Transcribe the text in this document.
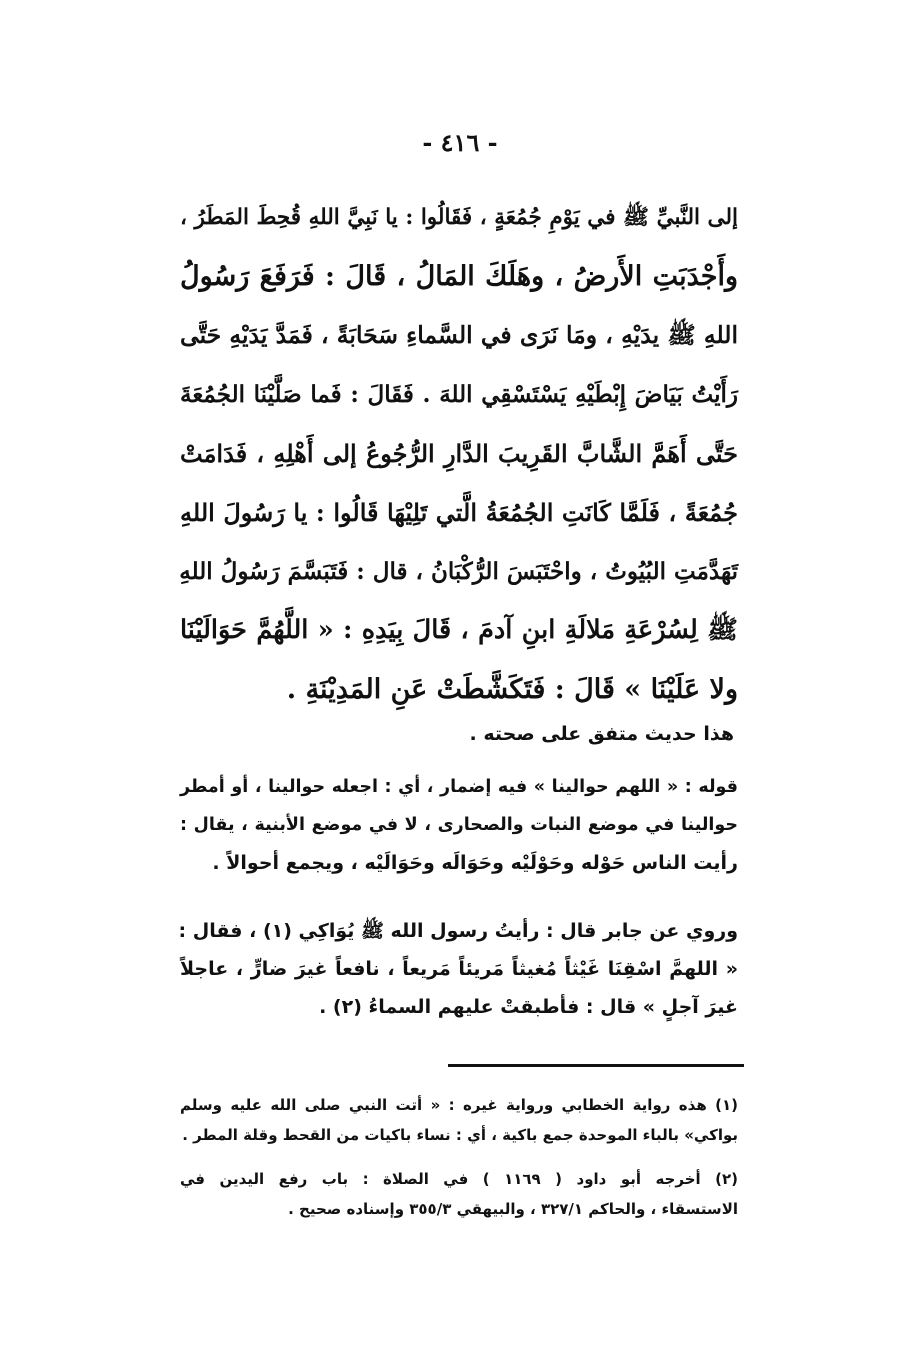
- ٤١٦ -
إلى النَّبيِّ ﷺ في يَوْمِ جُمُعَةٍ ، فَقَالُوا : يا نَبِيَّ اللهِ قُحِطَ المَطَرُ ،
وأَجْدَبَتِ الأَرضُ ، وهَلَكَ المَالُ ، قَالَ : فَرَفَعَ رَسُولُ
اللهِ ﷺ يدَيْهِ ، ومَا نَرَى في السَّماءِ سَحَابَةً ، فَمَدَّ يَدَيْهِ حَتَّى
رَأَيْتُ بَيَاضَ إِبْطَيْهِ يَسْتَسْقِي اللهَ . فَقَالَ : فَما صَلَّيْنَا الجُمُعَةَ
حَتَّى أَهَمَّ الشَّابَّ القَرِيبَ الدَّارِ الرُّجُوعُ إلى أَهْلِهِ ، فَدَامَتْ
جُمُعَةً ، فَلَمَّا كَانَتِ الجُمُعَةُ الَّتي تَلِيْهَا قَالُوا : يا رَسُولَ اللهِ
تَهَدَّمَتِ البُيُوتُ ، واحْتَبَسَ الرُّكْبَانُ ، قال : فَتَبَسَّمَ رَسُولُ اللهِ
ﷺ لِسُرْعَةِ مَلالَةِ ابنِ آدمَ ، قَالَ بِيَدِهِ : « اللَّهُمَّ حَوَالَيْنَا
ولا عَلَيْنَا » قَالَ : فَتَكَشَّطَتْ عَنِ المَدِيْنَةِ .
هذا حديث متفق على صحته .
قوله : « اللهم حوالينا » فيه إضمار ، أي : اجعله حوالينا ، أو أمطر
حوالينا في موضع النبات والصحارى ، لا في موضع الأبنية ، يقال :
رأيت الناس حَوْله وحَوْلَيْه وحَوَالَه وحَوَالَيْه ، ويجمع أحوالاً .
وروي عن جابر قال : رأيتُ رسول الله ﷺ يُوَاكِي (١) ، فقال :
« اللهمَّ اسْقِنَا غَيْثاً مُغيثاً مَريئاً مَريعاً ، نافعاً غيرَ ضارٍّ ، عاجلاً
غيرَ آجلٍ » قال : فأطبقتْ عليهم السماءُ (٢) .
(١) هذه رواية الخطابي ورواية غيره : « أتت النبي صلى الله عليه وسلم
بواكي» بالباء الموحدة جمع باكية ، أي : نساء باكيات من القحط وقلة المطر .
(٢) أخرجه أبو داود ( ١١٦٩ ) في الصلاة : باب رفع اليدين في
الاستسقاء ، والحاكم ٣٢٧/١ ، والبيهقي ٣٥٥/٣ وإسناده صحيح .
